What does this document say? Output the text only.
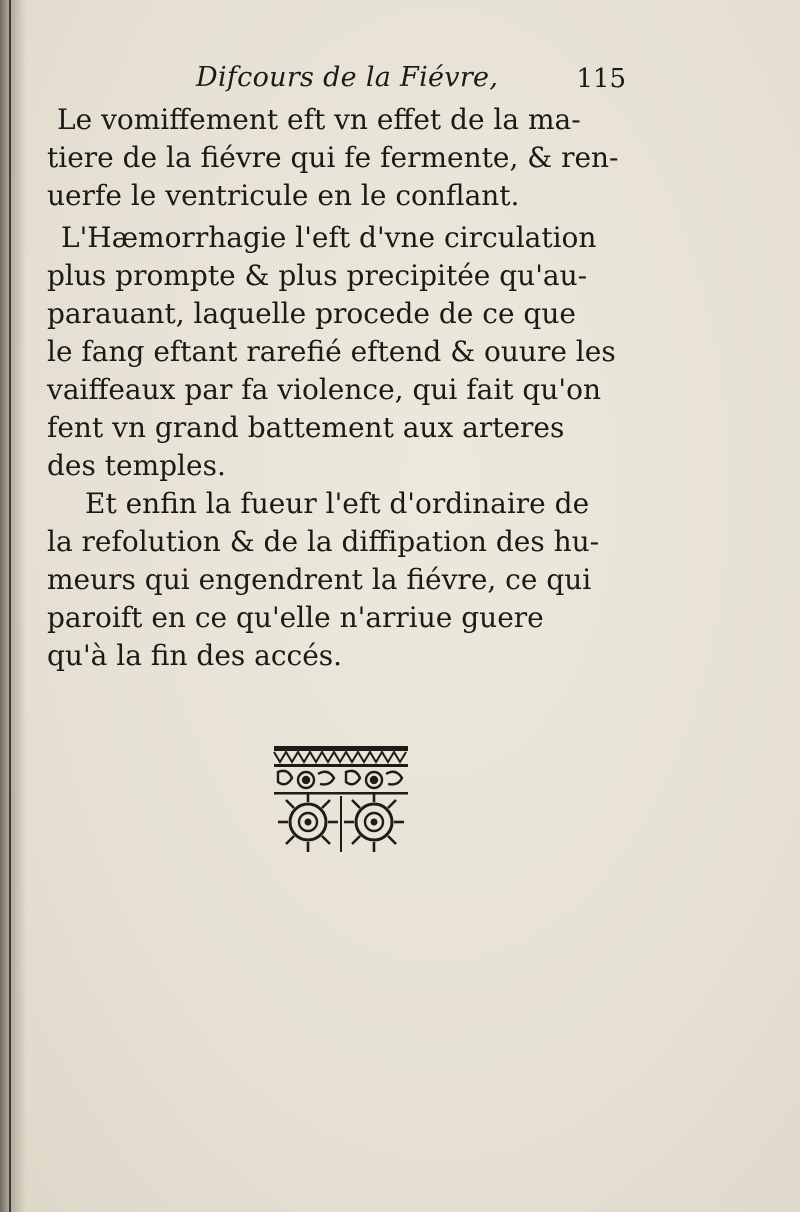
Difcours de la Fiévre,	115
Le vomiffement eft vn effet de la ma-
tiere de la fiévre qui fe fermente, & ren-
uerfe le ventricule en le conflant.
L'Hæmorrhagie l'eft d'vne circulation
plus prompte & plus precipitée qu'au-
parauant, laquelle procede de ce que
le fang eftant rarefié eftend & ouure les
vaiffeaux par fa violence, qui fait qu'on
fent vn grand battement aux arteres
des temples.
Et enfin la fueur l'eft d'ordinaire de
la refolution & de la diffipation des hu-
meurs qui engendrent la fiévre, ce qui
paroift en ce qu'elle n'arriue guere
qu'à la fin des accés.
